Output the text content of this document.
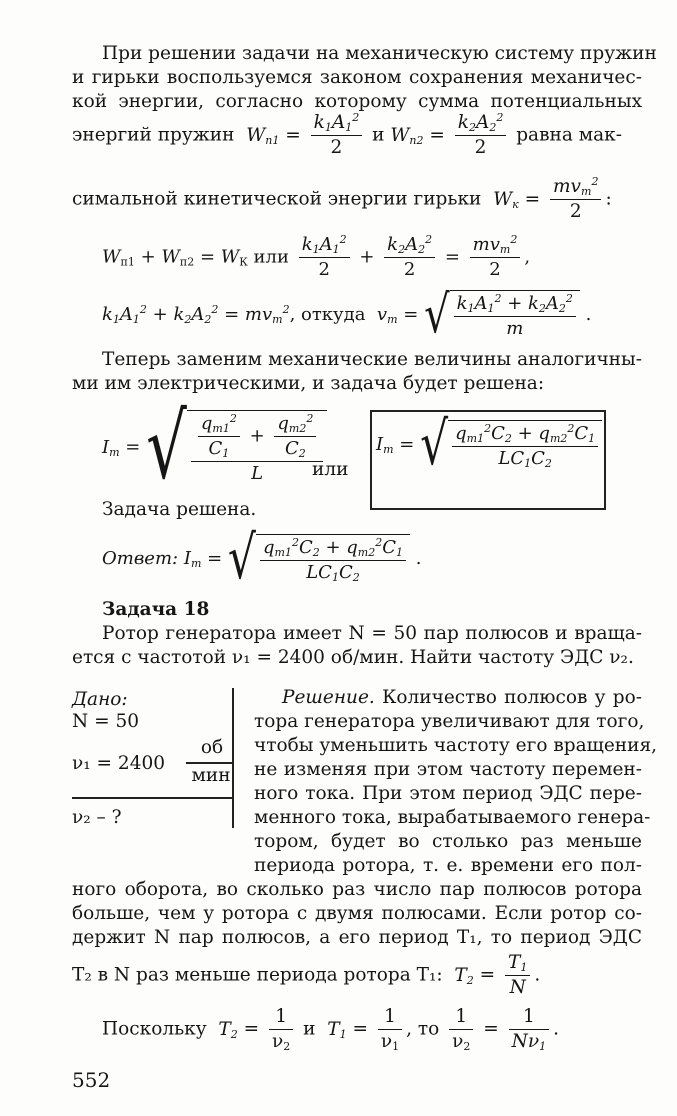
При решении задачи на механическую систему пружин
и гирьки воспользуемся законом сохранения механичес-
кой энергии, согласно которому сумма потенциальных
энергий пружин  $W_{п1} = \frac{k_1A_1^2}{2}$ и $W_{п2} = \frac{k_2A_2^2}{2}$ равна мак-
симальной кинетической энергии гирьки  $W_к = \frac{mv_m^2}{2}$ :
$W_{п1} + W_{п2} = W_К$ или $\frac{k_1A_1^2}{2} + \frac{k_2A_2^2}{2} = \frac{mv_m^2}{2}$ ,
$k_1A_1^2 + k_2A_2^2 = mv_m^2$, откуда  $v_m$ = √ $\frac{k_1A_1^2 + k_2A_2^2}{m}$ .
Теперь заменим механические величины аналогичны-
ми им электрическими, и задача будет решена:
$I_m$ = √ $\frac{\frac{q_{m1}^2}{C_1} + \frac{q_{m2}^2}{C_2}}{L}$
или
$I_m$ = √ $\frac{q_{m1}^2C_2 + q_{m2}^2C_1}{LC_1C_2}$
Задача решена.
Ответ: $I_m$ = √ $\frac{q_{m1}^2C_2 + q_{m2}^2C_1}{LC_1C_2}$ .
Задача 18
Ротор генератора имеет N = 50 пар полюсов и враща-
ется с частотой ν₁ = 2400 об/мин. Найти частоту ЭДС ν₂.
Дано:
N = 50
ν₁ = 2400
об
мин
ν₂ – ?
Решение. Количество полюсов у ро-
тора генератора увеличивают для того,
чтобы уменьшить частоту его вращения,
не изменяя при этом частоту перемен-
ного тока. При этом период ЭДС пере-
менного тока, вырабатываемого генера-
тором, будет во столько раз меньше
периода ротора, т. е. времени его пол-
ного оборота, во сколько раз число пар полюсов ротора
больше, чем у ротора с двумя полюсами. Если ротор со-
держит N пар полюсов, а его период T₁, то период ЭДС
T₂ в N раз меньше периода ротора T₁:  $T_2 = \frac{T_1}{N}$ .
Поскольку  $T_2 = \frac{1}{\nu_2}$ и  $T_1 = \frac{1}{\nu_1}$ , то $\frac{1}{\nu_2} = \frac{1}{N\nu_1}$ .
552
